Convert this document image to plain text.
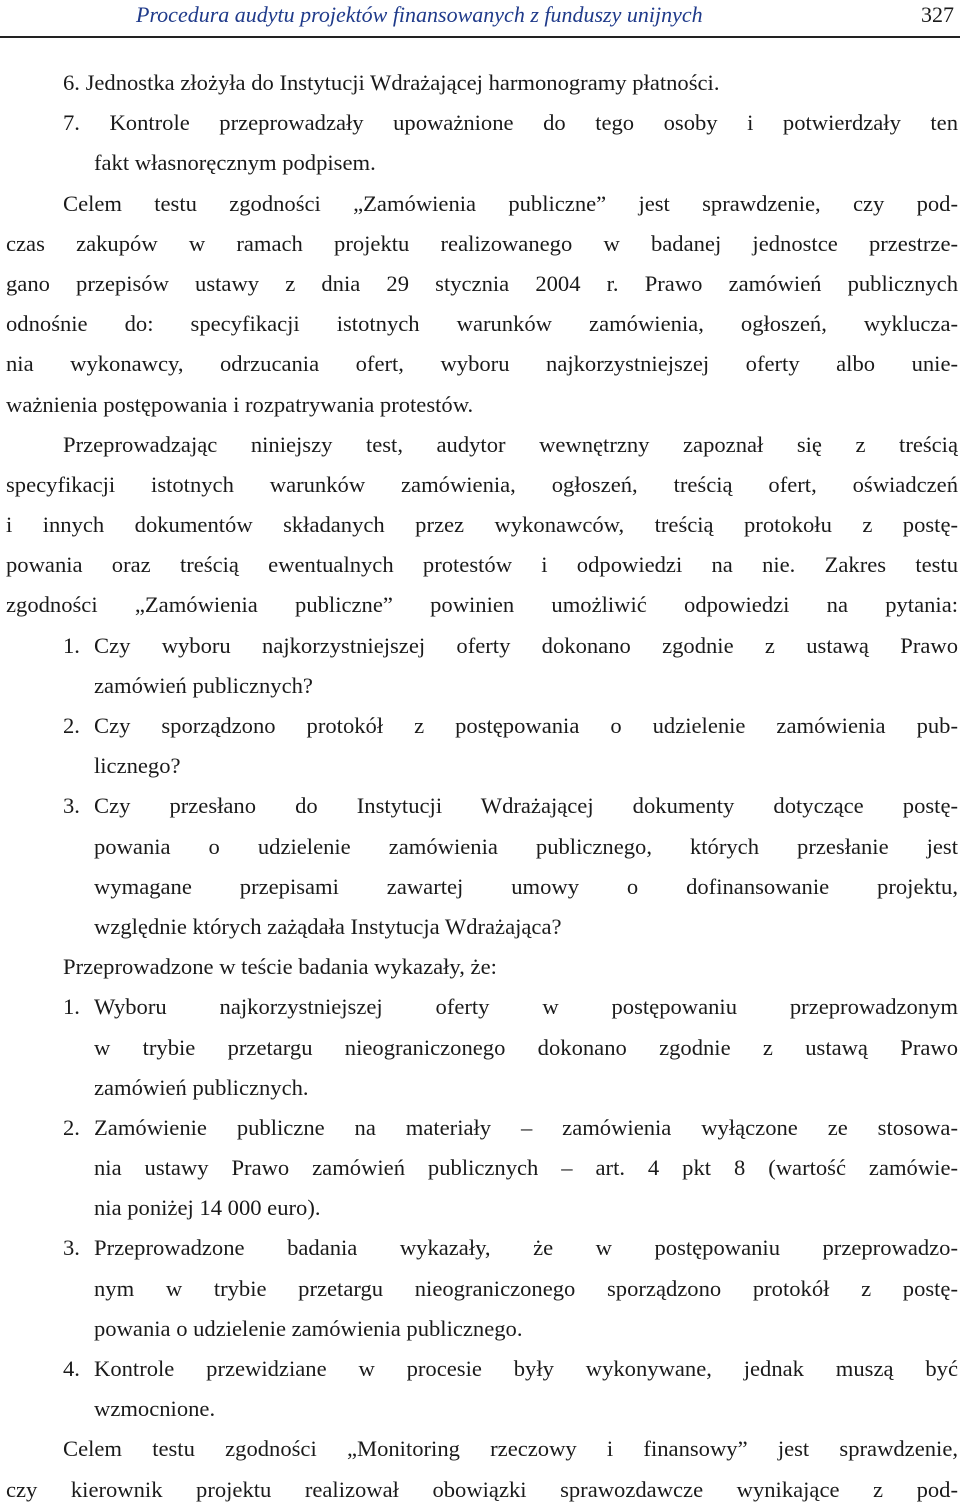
Procedura audytu projektów finansowanych z funduszy unijnych	327
6. Jednostka złożyła do Instytucji Wdrażającej harmonogramy płatności.
7. Kontrole przeprowadzały upoważnione do tego osoby i potwierdzały ten
fakt własnoręcznym podpisem.
Celem testu zgodności „Zamówienia publiczne” jest sprawdzenie, czy pod-
czas zakupów w ramach projektu realizowanego w badanej jednostce przestrze-
gano przepisów ustawy z dnia 29 stycznia 2004 r. Prawo zamówień publicznych
odnośnie do: specyfikacji istotnych warunków zamówienia, ogłoszeń, wyklucza-
nia wykonawcy, odrzucania ofert, wyboru najkorzystniejszej oferty albo unie-
ważnienia postępowania i rozpatrywania protestów.
Przeprowadzając niniejszy test, audytor wewnętrzny zapoznał się z treścią
specyfikacji istotnych warunków zamówienia, ogłoszeń, treścią ofert, oświadczeń
i innych dokumentów składanych przez wykonawców, treścią protokołu z postę-
powania oraz treścią ewentualnych protestów i odpowiedzi na nie. Zakres testu
zgodności „Zamówienia publiczne” powinien umożliwić odpowiedzi na pytania:
1. Czy wyboru najkorzystniejszej oferty dokonano zgodnie z ustawą Prawo
zamówień publicznych?
2. Czy sporządzono protokół z postępowania o udzielenie zamówienia pub-
licznego?
3. Czy przesłano do Instytucji Wdrażającej dokumenty dotyczące postę-
powania o udzielenie zamówienia publicznego, których przesłanie jest
wymagane przepisami zawartej umowy o dofinansowanie projektu,
względnie których zażądała Instytucja Wdrażająca?
Przeprowadzone w teście badania wykazały, że:
1. Wyboru najkorzystniejszej oferty w postępowaniu przeprowadzonym
w trybie przetargu nieograniczonego dokonano zgodnie z ustawą Prawo
zamówień publicznych.
2. Zamówienie publiczne na materiały – zamówienia wyłączone ze stosowa-
nia ustawy Prawo zamówień publicznych – art. 4 pkt 8 (wartość zamówie-
nia poniżej 14 000 euro).
3. Przeprowadzone badania wykazały, że w postępowaniu przeprowadzo-
nym w trybie przetargu nieograniczonego sporządzono protokół z postę-
powania o udzielenie zamówienia publicznego.
4. Kontrole przewidziane w procesie były wykonywane, jednak muszą być
wzmocnione.
Celem testu zgodności „Monitoring rzeczowy i finansowy” jest sprawdzenie,
czy kierownik projektu realizował obowiązki sprawozdawcze wynikające z pod-
